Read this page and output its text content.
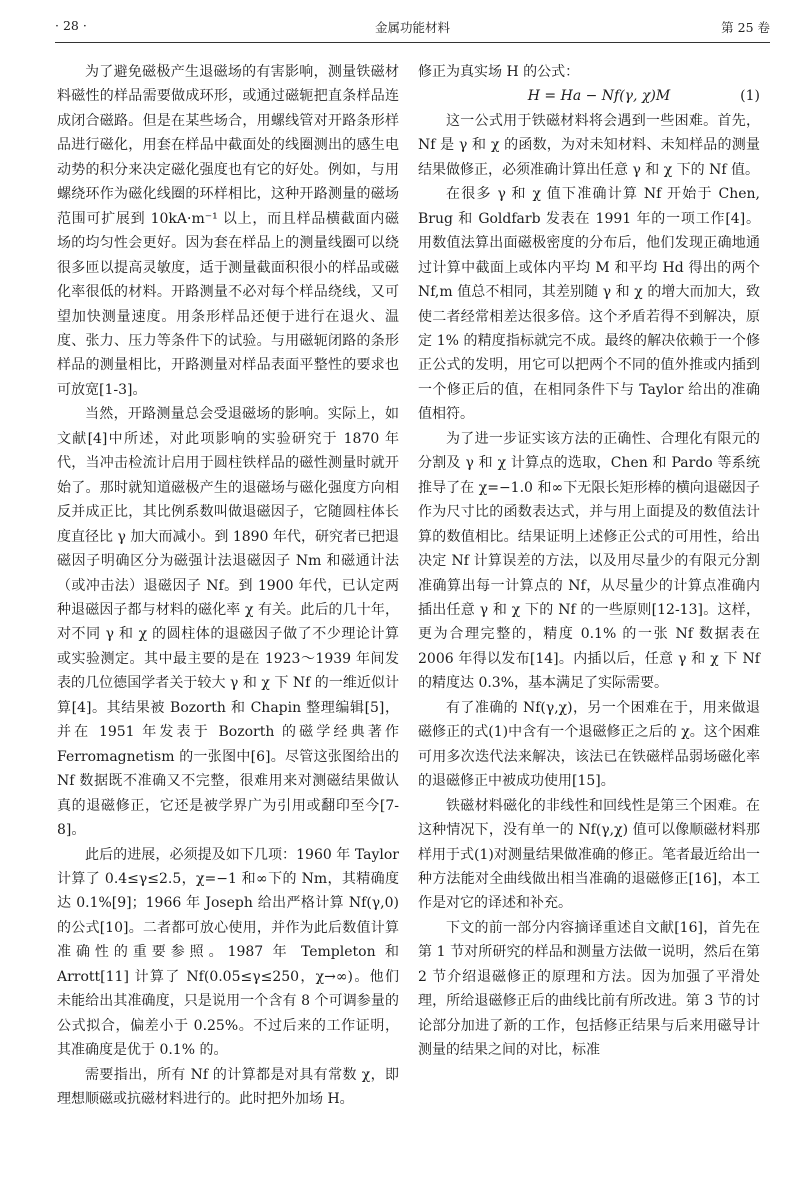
· 28 ·	金属功能材料	第 25 卷

为了避免磁极产生退磁场的有害影响，测量铁磁材料磁性的样品需要做成环形，或通过磁轭把直条样品连成闭合磁路。但是在某些场合，用螺线管对开路条形样品进行磁化，用套在样品中截面处的线圈测出的感生电动势的积分来决定磁化强度也有它的好处。例如，与用螺绕环作为磁化线圈的环样相比，这种开路测量的磁场范围可扩展到 10kA·m⁻¹ 以上，而且样品横截面内磁场的均匀性会更好。因为套在样品上的测量线圈可以绕很多匝以提高灵敏度，适于测量截面积很小的样品或磁化率很低的材料。开路测量不必对每个样品绕线，又可望加快测量速度。用条形样品还便于进行在退火、温度、张力、压力等条件下的试验。与用磁轭闭路的条形样品的测量相比，开路测量对样品表面平整性的要求也可放宽[1-3]。

当然，开路测量总会受退磁场的影响。实际上，如文献[4]中所述，对此项影响的实验研究于 1870 年代，当冲击检流计启用于圆柱铁样品的磁性测量时就开始了。那时就知道磁极产生的退磁场与磁化强度方向相反并成正比，其比例系数叫做退磁因子，它随圆柱体长度直径比 γ 加大而减小。到 1890 年代，研究者已把退磁因子明确区分为磁强计法退磁因子 Nm 和磁通计法（或冲击法）退磁因子 Nf。到 1900 年代，已认定两种退磁因子都与材料的磁化率 χ 有关。此后的几十年，对不同 γ 和 χ 的圆柱体的退磁因子做了不少理论计算或实验测定。其中最主要的是在 1923～1939 年间发表的几位德国学者关于较大 γ 和 χ 下 Nf 的一维近似计算[4]。其结果被 Bozorth 和 Chapin 整理编辑[5]，并在 1951 年发表于 Bozorth 的磁学经典著作 Ferromagnetism 的一张图中[6]。尽管这张图给出的 Nf 数据既不准确又不完整，很难用来对测磁结果做认真的退磁修正，它还是被学界广为引用或翻印至今[7-8]。

此后的进展，必须提及如下几项：1960 年 Taylor 计算了 0.4≤γ≤2.5，χ=−1 和∞下的 Nm，其精确度达 0.1%[9]；1966 年 Joseph 给出严格计算 Nf(γ,0) 的公式[10]。二者都可放心使用，并作为此后数值计算准确性的重要参照。1987 年 Templeton 和 Arrott[11] 计算了 Nf(0.05≤γ≤250，χ→∞)。他们未能给出其准确度，只是说用一个含有 8 个可调参量的公式拟合，偏差小于 0.25%。不过后来的工作证明，其准确度是优于 0.1% 的。

需要指出，所有 Nf 的计算都是对具有常数 χ，即理想顺磁或抗磁材料进行的。此时把外加场 H。

修正为真实场 H 的公式：

H = Ha − Nf(γ, χ)M	(1)

这一公式用于铁磁材料将会遇到一些困难。首先，Nf 是 γ 和 χ 的函数，为对未知材料、未知样品的测量结果做修正，必须准确计算出任意 γ 和 χ 下的 Nf 值。

在很多 γ 和 χ 值下准确计算 Nf 开始于 Chen, Brug 和 Goldfarb 发表在 1991 年的一项工作[4]。用数值法算出面磁极密度的分布后，他们发现正确地通过计算中截面上或体内平均 M 和平均 Hd 得出的两个 Nf,m 值总不相同，其差别随 γ 和 χ 的增大而加大，致使二者经常相差达很多倍。这个矛盾若得不到解决，原定 1% 的精度指标就完不成。最终的解决依赖于一个修正公式的发明，用它可以把两个不同的值外推或内插到一个修正后的值，在相同条件下与 Taylor 给出的准确值相符。

为了进一步证实该方法的正确性、合理化有限元的分割及 γ 和 χ 计算点的选取，Chen 和 Pardo 等系统推导了在 χ=−1.0 和∞下无限长矩形棒的横向退磁因子作为尺寸比的函数表达式，并与用上面提及的数值法计算的数值相比。结果证明上述修正公式的可用性，给出决定 Nf 计算误差的方法，以及用尽量少的有限元分割准确算出每一计算点的 Nf，从尽量少的计算点准确内插出任意 γ 和 χ 下的 Nf 的一些原则[12-13]。这样，更为合理完整的，精度 0.1% 的一张 Nf 数据表在 2006 年得以发布[14]。内插以后，任意 γ 和 χ 下 Nf 的精度达 0.3%，基本满足了实际需要。

有了准确的 Nf(γ,χ)，另一个困难在于，用来做退磁修正的式(1)中含有一个退磁修正之后的 χ。这个困难可用多次迭代法来解决，该法已在铁磁样品弱场磁化率的退磁修正中被成功使用[15]。

铁磁材料磁化的非线性和回线性是第三个困难。在这种情况下，没有单一的 Nf(γ,χ) 值可以像顺磁材料那样用于式(1)对测量结果做准确的修正。笔者最近给出一种方法能对全曲线做出相当准确的退磁修正[16]，本工作是对它的译述和补充。

下文的前一部分内容摘译重述自文献[16]，首先在第 1 节对所研究的样品和测量方法做一说明，然后在第 2 节介绍退磁修正的原理和方法。因为加强了平滑处理，所给退磁修正后的曲线比前有所改进。第 3 节的讨论部分加进了新的工作，包括修正结果与后来用磁导计测量的结果之间的对比，标准
